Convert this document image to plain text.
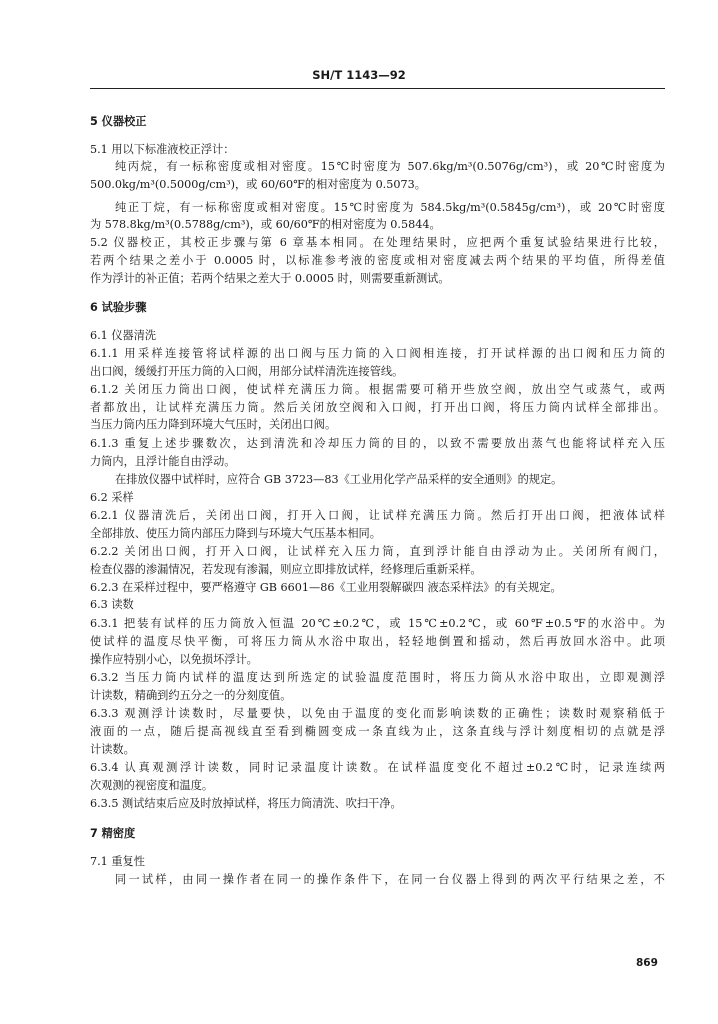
SH/T 1143—92
5 仪器校正
5.1 用以下标准液校正浮计：
纯丙烷，有一标称密度或相对密度。15℃时密度为 507.6kg/m³(0.5076g/cm³)，或 20℃时密度为
500.0kg/m³(0.5000g/cm³)，或 60/60℉的相对密度为 0.5073。
纯正丁烷，有一标称密度或相对密度。15℃时密度为 584.5kg/m³(0.5845g/cm³)，或 20℃时密度
为 578.8kg/m³(0.5788g/cm³)，或 60/60℉的相对密度为 0.5844。
5.2 仪器校正，其校正步骤与第 6 章基本相同。在处理结果时，应把两个重复试验结果进行比较，
若两个结果之差小于 0.0005 时，以标准参考液的密度或相对密度减去两个结果的平均值，所得差值
作为浮计的补正值；若两个结果之差大于 0.0005 时，则需要重新测试。
6 试验步骤
6.1 仪器清洗
6.1.1 用采样连接管将试样源的出口阀与压力筒的入口阀相连接，打开试样源的出口阀和压力筒的
出口阀，缓缓打开压力筒的入口阀，用部分试样清洗连接管线。
6.1.2 关闭压力筒出口阀，使试样充满压力筒。根据需要可稍开些放空阀，放出空气或蒸气，或两
者都放出，让试样充满压力筒。然后关闭放空阀和入口阀，打开出口阀，将压力筒内试样全部排出。
当压力筒内压力降到环境大气压时，关闭出口阀。
6.1.3 重复上述步骤数次，达到清洗和冷却压力筒的目的，以致不需要放出蒸气也能将试样充入压
力筒内，且浮计能自由浮动。
在排放仪器中试样时，应符合 GB 3723—83《工业用化学产品采样的安全通则》的规定。
6.2 采样
6.2.1 仪器清洗后，关闭出口阀，打开入口阀，让试样充满压力筒。然后打开出口阀，把液体试样
全部排放、使压力筒内部压力降到与环境大气压基本相同。
6.2.2 关闭出口阀，打开入口阀，让试样充入压力筒，直到浮计能自由浮动为止。关闭所有阀门，
检查仪器的渗漏情况，若发现有渗漏，则应立即排放试样，经修理后重新采样。
6.2.3 在采样过程中，要严格遵守 GB 6601—86《工业用裂解碳四 液态采样法》的有关规定。
6.3 读数
6.3.1 把装有试样的压力筒放入恒温 20℃±0.2℃，或 15℃±0.2℃，或 60℉±0.5℉的水浴中。为
使试样的温度尽快平衡，可将压力筒从水浴中取出，轻轻地倒置和摇动，然后再放回水浴中。此项
操作应特别小心，以免损坏浮计。
6.3.2 当压力筒内试样的温度达到所选定的试验温度范围时，将压力筒从水浴中取出，立即观测浮
计读数，精确到约五分之一的分刻度值。
6.3.3 观测浮计读数时，尽量要快，以免由于温度的变化而影响读数的正确性；读数时观察稍低于
液面的一点，随后提高视线直至看到椭圆变成一条直线为止，这条直线与浮计刻度相切的点就是浮
计读数。
6.3.4 认真观测浮计读数，同时记录温度计读数。在试样温度变化不超过±0.2℃时，记录连续两
次观测的视密度和温度。
6.3.5 测试结束后应及时放掉试样，将压力筒清洗、吹扫干净。
7 精密度
7.1 重复性
同一试样，由同一操作者在同一的操作条件下，在同一台仪器上得到的两次平行结果之差，不
869
